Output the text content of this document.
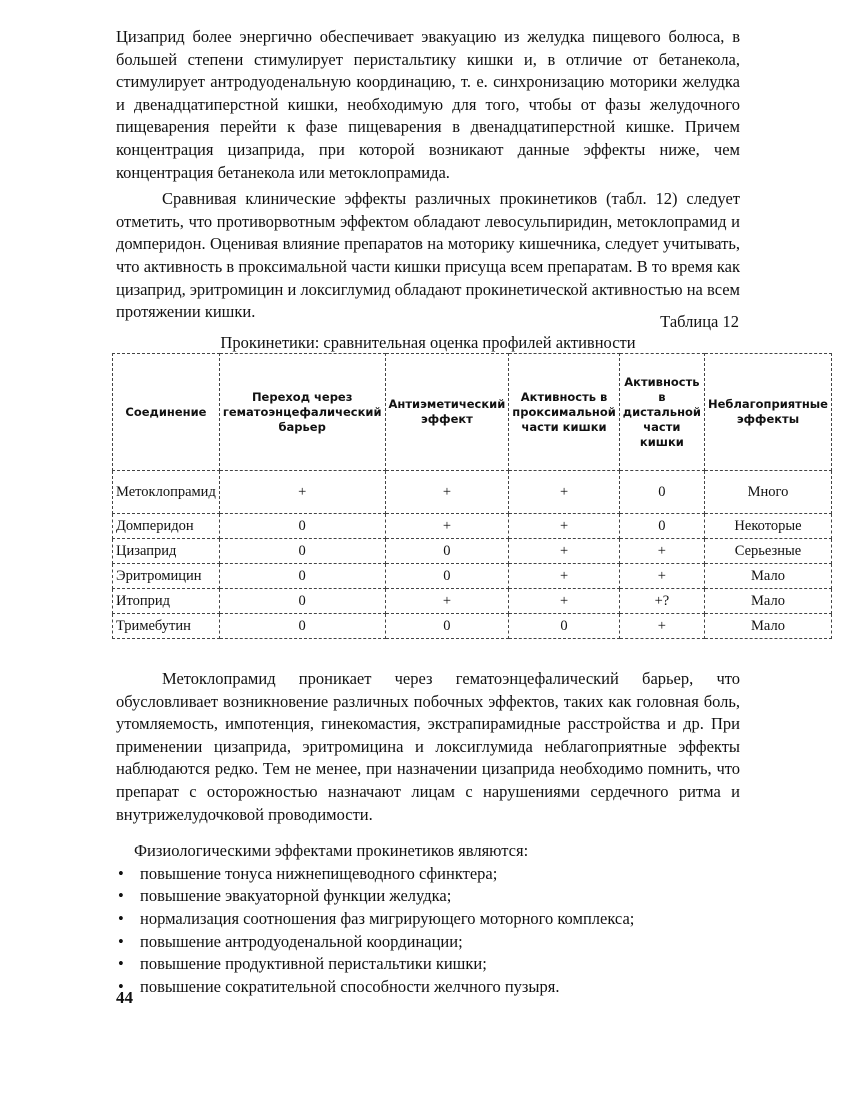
Цизаприд более энергично обеспечивает эвакуацию из желудка пищевого болюса, в большей степени стимулирует перистальтику кишки и, в отличие от бетанекола, стимулирует антродуоденальную координацию, т. е. синхронизацию моторики желудка и двенадцатиперстной кишки, необходимую для того, чтобы от фазы желудочного пищеварения перейти к фазе пищеварения в двенадцатиперстной кишке. Причем концентрация цизаприда, при которой возникают данные эффекты ниже, чем концентрация бетанекола или метоклопрамида.

Сравнивая клинические эффекты различных прокинетиков (табл. 12) следует отметить, что противорвотным эффектом обладают левосульпиридин, метоклопрамид и домперидон. Оценивая влияние препаратов на моторику кишечника, следует учитывать, что активность в проксимальной части кишки присуща всем препаратам. В то время как цизаприд, эритромицин и локсиглумид обладают прокинетической активностью на всем протяжении кишки.

Таблица 12
Прокинетики: сравнительная оценка профилей активности
Соединение	Переход через гематоэнцефалический барьер	Антиэметический эффект	Активность в проксимальной части кишки	Активность в дистальной части кишки	Неблагоприятные эффекты
Метоклопрамид	+	+	+	0	Много
Домперидон	0	+	+	0	Некоторые
Цизаприд	0	0	+	+	Серьезные
Эритромицин	0	0	+	+	Мало
Итоприд	0	+	+	+?	Мало
Тримебутин	0	0	0	+	Мало

Метоклопрамид проникает через гематоэнцефалический барьер, что обусловливает возникновение различных побочных эффектов, таких как головная боль, утомляемость, импотенция, гинекомастия, экстрапирамидные расстройства и др. При применении цизаприда, эритромицина и локсиглумида неблагоприятные эффекты наблюдаются редко. Тем не менее, при назначении цизаприда необходимо помнить, что препарат с осторожностью назначают лицам с нарушениями сердечного ритма и внутрижелудочковой проводимости.

Физиологическими эффектами прокинетиков являются:

• повышение тонуса нижнепищеводного сфинктера;
• повышение эвакуаторной функции желудка;
• нормализация соотношения фаз мигрирующего моторного комплекса;
• повышение антродуоденальной координации;
• повышение продуктивной перистальтики кишки;
• повышение сократительной способности желчного пузыря.
44
